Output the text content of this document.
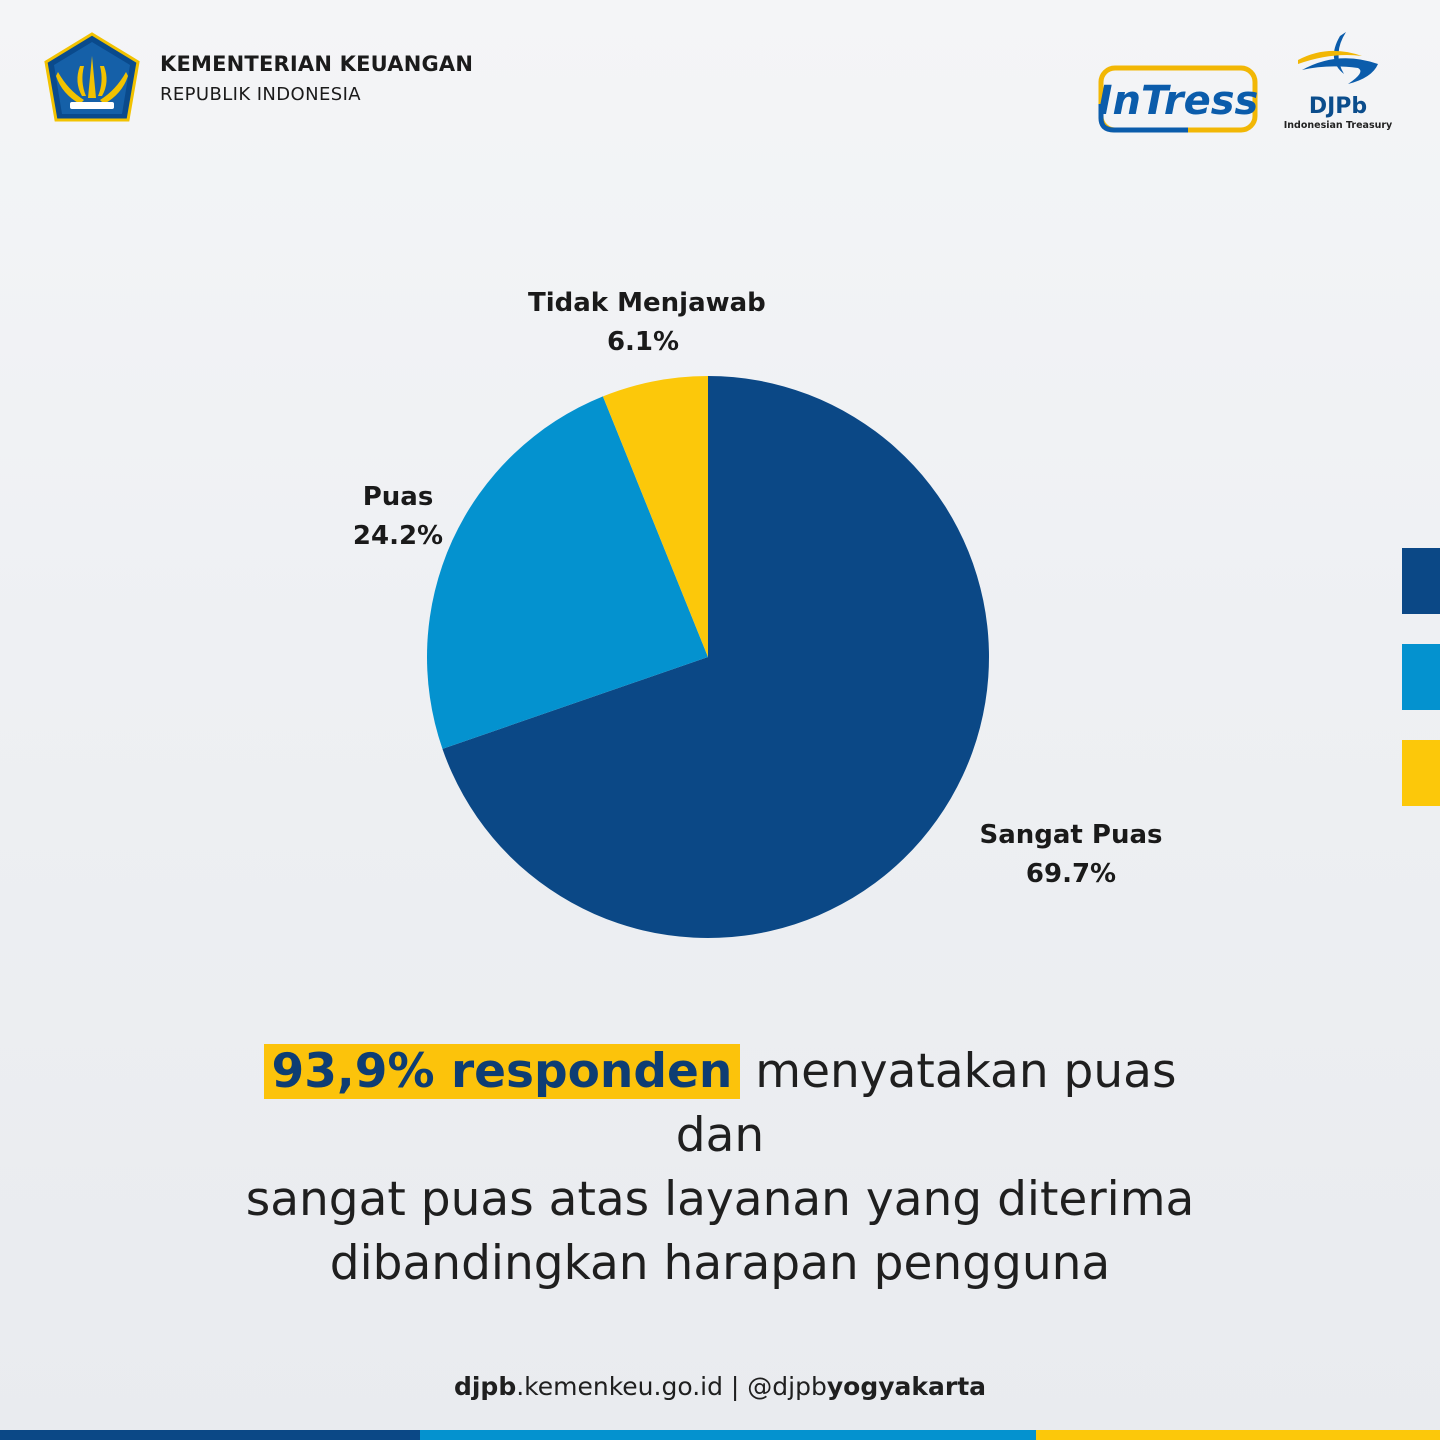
KEMENTERIAN KEUANGAN
REPUBLIK INDONESIA	InTress	DJPb
Indonesian Treasury
Tidak Menjawab
6.1%
Puas
24.2%
Sangat Puas
69.7%
93,9% responden menyatakan puas dan
sangat puas atas layanan yang diterima
dibandingkan harapan pengguna
djpb.kemenkeu.go.id | @djpbyogyakarta
